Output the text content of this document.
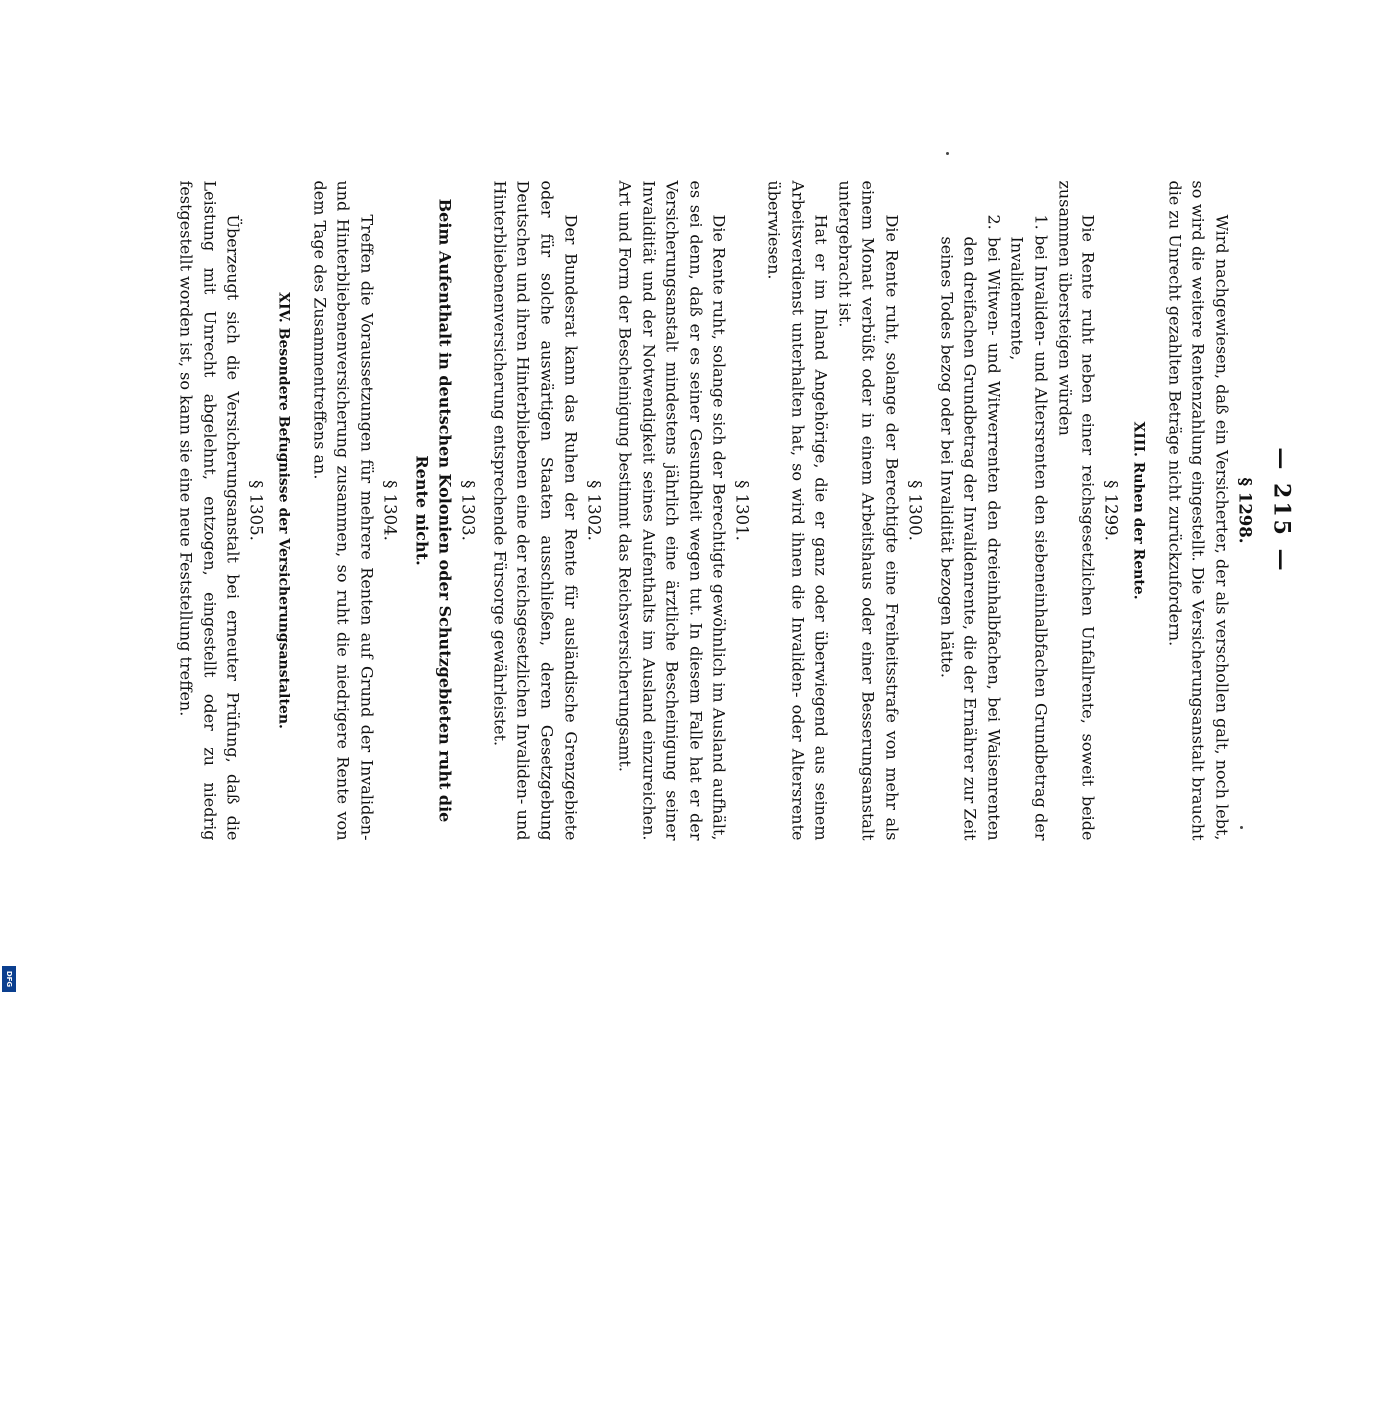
— 215 —
§ 1298.

Wird nachgewiesen, daß ein Versicherter, der als verschollen galt, noch lebt, so wird die weitere Rentenzahlung eingestellt. Die Versicherungsanstalt braucht die zu Unrecht gezahlten Beträge nicht zurückzufordern.

XIII. Ruhen der Rente.
§ 1299.

Die Rente ruht neben einer reichsgesetzlichen Unfallrente, soweit beide zusammen übersteigen würden

1. bei Invaliden- und Altersrenten den siebeneinhalbfachen Grundbetrag der Invalidenrente,

2. bei Witwen- und Witwerrenten den dreieinhalbfachen, bei Waisenrenten den dreifachen Grundbetrag der Invalidenrente, die der Ernährer zur Zeit seines Todes bezog oder bei Invalidität bezogen hätte.

§ 1300.

Die Rente ruht, solange der Berechtigte eine Freiheitsstrafe von mehr als einem Monat verbüßt oder in einem Arbeitshaus oder einer Besserungsanstalt untergebracht ist.

Hat er im Inland Angehörige, die er ganz oder überwiegend aus seinem Arbeitsverdienst unterhalten hat, so wird ihnen die Invaliden- oder Altersrente überwiesen.

§ 1301.

Die Rente ruht, solange sich der Berechtigte gewöhnlich im Ausland aufhält, es sei denn, daß er es seiner Gesundheit wegen tut. In diesem Falle hat er der Versicherungsanstalt mindestens jährlich eine ärztliche Bescheinigung seiner Invalidität und der Notwendigkeit seines Aufenthalts im Ausland einzureichen. Art und Form der Bescheinigung bestimmt das Reichsversicherungsamt.

§ 1302.

Der Bundesrat kann das Ruhen der Rente für ausländische Grenzgebiete oder für solche auswärtigen Staaten ausschließen, deren Gesetzgebung Deutschen und ihren Hinterbliebenen eine der reichsgesetzlichen Invaliden- und Hinterbliebenenversicherung entsprechende Fürsorge gewährleistet.

§ 1303.

Beim Aufenthalt in deutschen Kolonien oder Schutzgebieten ruht die Rente nicht.

§ 1304.

Treffen die Voraussetzungen für mehrere Renten auf Grund der Invaliden- und Hinterbliebenenversicherung zusammen, so ruht die niedrigere Rente von dem Tage des Zusammentreffens an.

XIV. Besondere Befugnisse der Versicherungsanstalten.
§ 1305.

Überzeugt sich die Versicherungsanstalt bei erneuter Prüfung, daß die Leistung mit Unrecht abgelehnt, entzogen, eingestellt oder zu niedrig festgestellt worden ist, so kann sie eine neue Feststellung treffen.

DFG
